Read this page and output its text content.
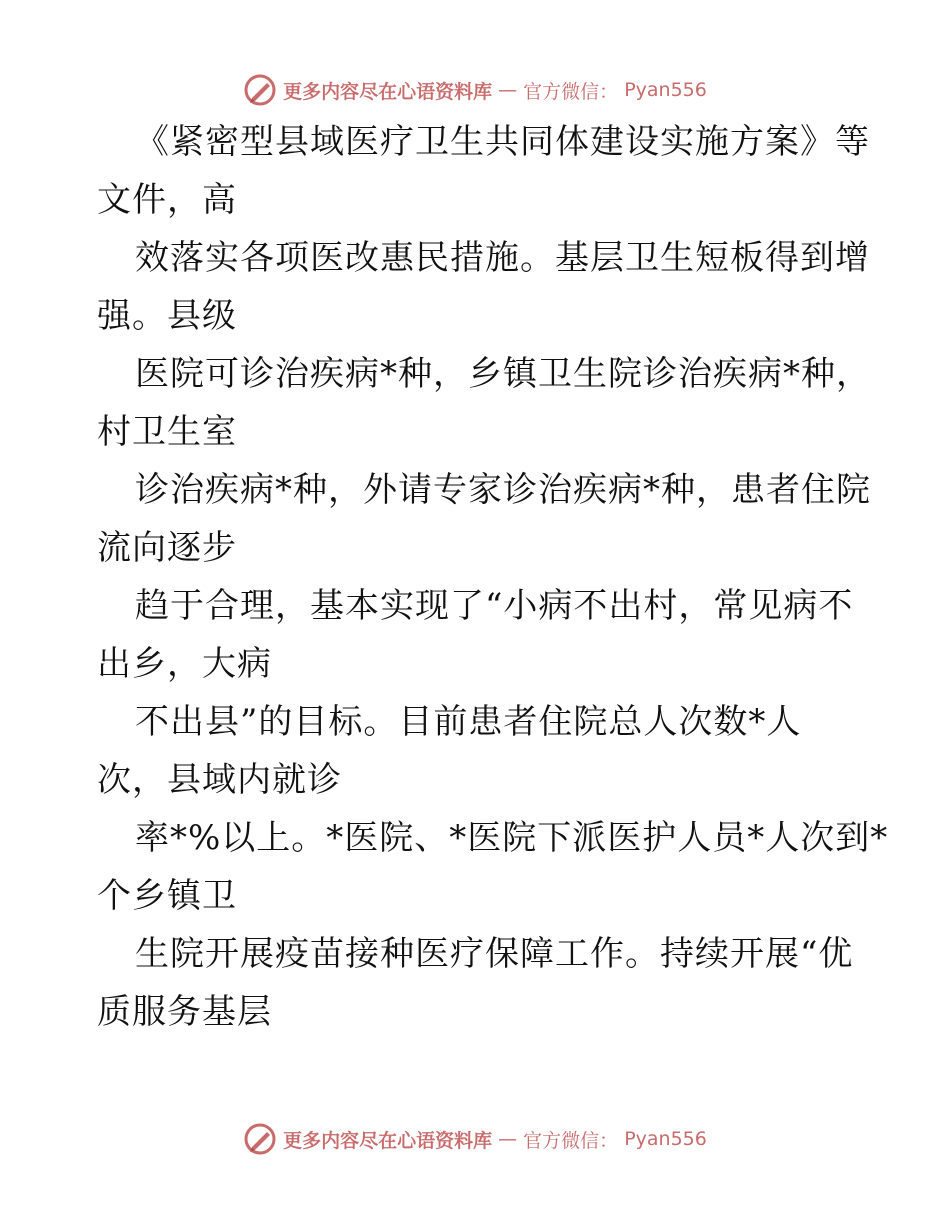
更多内容尽在心语资料库 — 官方微信： Pyan556
《紧密型县域医疗卫生共同体建设实施方案》等
文件，高
效落实各项医改惠民措施。基层卫生短板得到增
强。县级
医院可诊治疾病*种，乡镇卫生院诊治疾病*种，
村卫生室
诊治疾病*种，外请专家诊治疾病*种，患者住院
流向逐步
趋于合理，基本实现了“小病不出村，常见病不
出乡，大病
不出县”的目标。目前患者住院总人次数*人
次，县域内就诊
率*%以上。*医院、*医院下派医护人员*人次到*
个乡镇卫
生院开展疫苗接种医疗保障工作。持续开展“优
质服务基层
更多内容尽在心语资料库 — 官方微信： Pyan556
